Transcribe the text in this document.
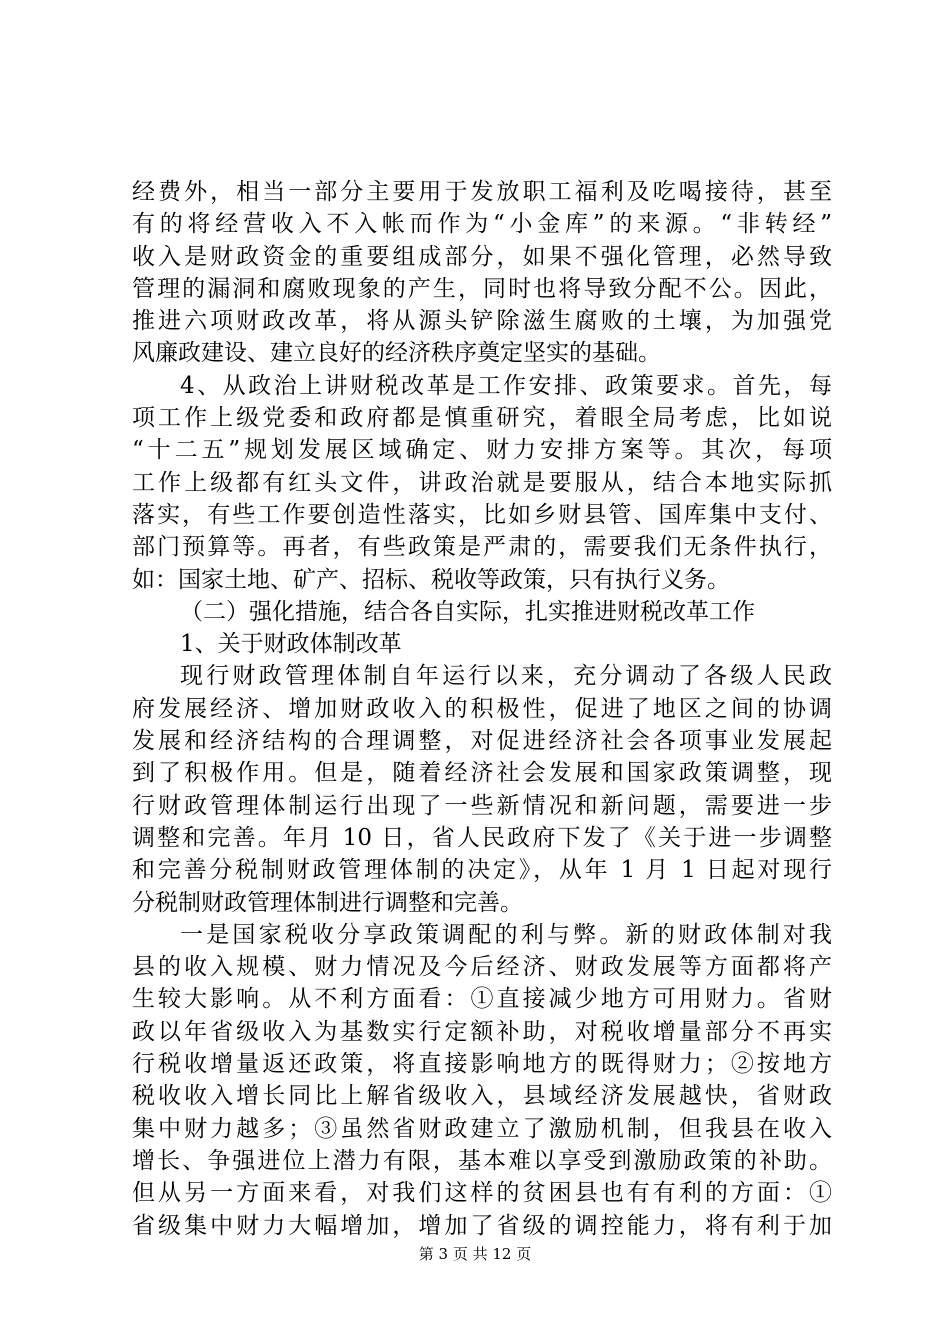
经费外，相当一部分主要用于发放职工福利及吃喝接待，甚至
有的将经营收入不入帐而作为“小金库”的来源。“非转经”
收入是财政资金的重要组成部分，如果不强化管理，必然导致
管理的漏洞和腐败现象的产生，同时也将导致分配不公。因此，
推进六项财政改革，将从源头铲除滋生腐败的土壤，为加强党
风廉政建设、建立良好的经济秩序奠定坚实的基础。
4、从政治上讲财税改革是工作安排、政策要求。首先，每
项工作上级党委和政府都是慎重研究，着眼全局考虑，比如说
“十二五”规划发展区域确定、财力安排方案等。其次，每项
工作上级都有红头文件，讲政治就是要服从，结合本地实际抓
落实，有些工作要创造性落实，比如乡财县管、国库集中支付、
部门预算等。再者，有些政策是严肃的，需要我们无条件执行，
如：国家土地、矿产、招标、税收等政策，只有执行义务。
（二）强化措施，结合各自实际，扎实推进财税改革工作
1、关于财政体制改革
现行财政管理体制自年运行以来，充分调动了各级人民政
府发展经济、增加财政收入的积极性，促进了地区之间的协调
发展和经济结构的合理调整，对促进经济社会各项事业发展起
到了积极作用。但是，随着经济社会发展和国家政策调整，现
行财政管理体制运行出现了一些新情况和新问题，需要进一步
调整和完善。年月 10 日，省人民政府下发了《关于进一步调整
和完善分税制财政管理体制的决定》，从年 1 月 1 日起对现行
分税制财政管理体制进行调整和完善。
一是国家税收分享政策调配的利与弊。新的财政体制对我
县的收入规模、财力情况及今后经济、财政发展等方面都将产
生较大影响。从不利方面看：①直接减少地方可用财力。省财
政以年省级收入为基数实行定额补助，对税收增量部分不再实
行税收增量返还政策，将直接影响地方的既得财力；②按地方
税收收入增长同比上解省级收入，县域经济发展越快，省财政
集中财力越多；③虽然省财政建立了激励机制，但我县在收入
增长、争强进位上潜力有限，基本难以享受到激励政策的补助。
但从另一方面来看，对我们这样的贫困县也有有利的方面：①
省级集中财力大幅增加，增加了省级的调控能力，将有利于加
第 3 页 共 12 页
